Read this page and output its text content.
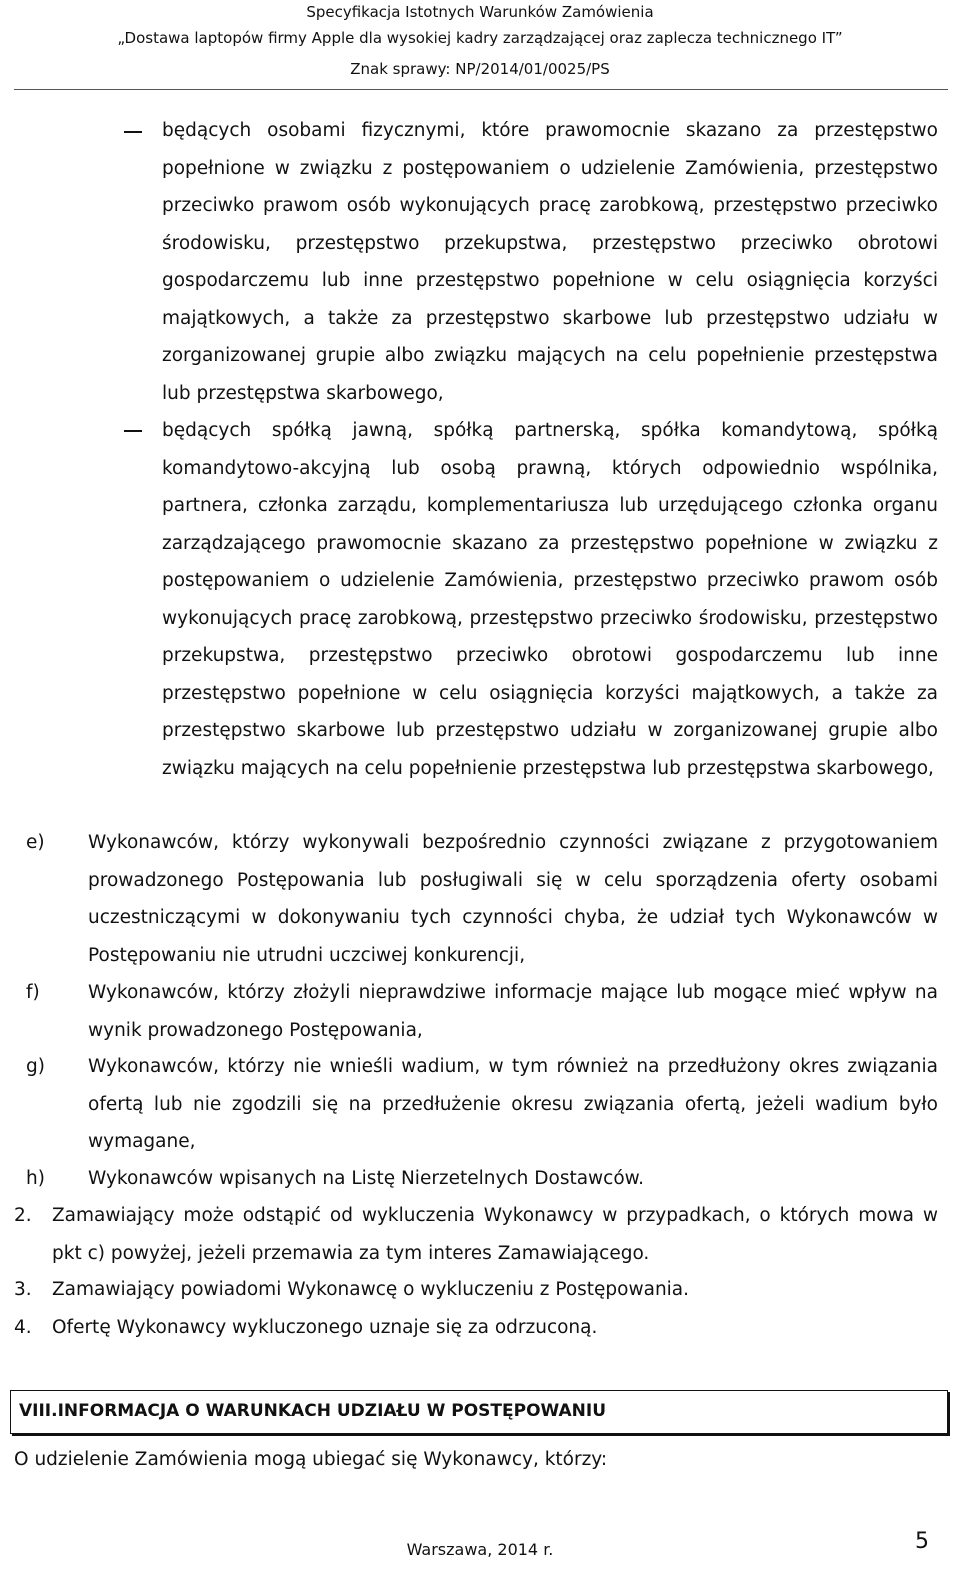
Specyfikacja Istotnych Warunków Zamówienia
„Dostawa laptopów firmy Apple dla wysokiej kadry zarządzającej oraz zaplecza technicznego IT”
Znak sprawy: NP/2014/01/0025/PS

będących osobami fizycznymi, które prawomocnie skazano za przestępstwo popełnione w związku z postępowaniem o udzielenie Zamówienia, przestępstwo przeciwko prawom osób wykonujących pracę zarobkową, przestępstwo przeciwko środowisku, przestępstwo przekupstwa, przestępstwo przeciwko obrotowi gospodarczemu lub inne przestępstwo popełnione w celu osiągnięcia korzyści majątkowych, a także za przestępstwo skarbowe lub przestępstwo udziału w zorganizowanej grupie albo związku mających na celu popełnienie przestępstwa lub przestępstwa skarbowego,

będących spółką jawną, spółką partnerską, spółka komandytową, spółką komandytowo-akcyjną lub osobą prawną, których odpowiednio wspólnika, partnera, członka zarządu, komplementariusza lub urzędującego członka organu zarządzającego prawomocnie skazano za przestępstwo popełnione w związku z postępowaniem o udzielenie Zamówienia, przestępstwo przeciwko prawom osób wykonujących pracę zarobkową, przestępstwo przeciwko środowisku, przestępstwo przekupstwa, przestępstwo przeciwko obrotowi gospodarczemu lub inne przestępstwo popełnione w celu osiągnięcia korzyści majątkowych, a także za przestępstwo skarbowe lub przestępstwo udziału w zorganizowanej grupie albo związku mających na celu popełnienie przestępstwa lub przestępstwa skarbowego,

e) Wykonawców, którzy wykonywali bezpośrednio czynności związane z przygotowaniem prowadzonego Postępowania lub posługiwali się w celu sporządzenia oferty osobami uczestniczącymi w dokonywaniu tych czynności chyba, że udział tych Wykonawców w Postępowaniu nie utrudni uczciwej konkurencji,

f)	Wykonawców, którzy złożyli nieprawdziwe informacje mające lub mogące mieć wpływ na wynik prowadzonego Postępowania,

g) Wykonawców, którzy nie wnieśli wadium, w tym również na przedłużony okres związania ofertą lub nie zgodzili się na przedłużenie okresu związania ofertą, jeżeli wadium było wymagane,

h) Wykonawców wpisanych na Listę Nierzetelnych Dostawców.

2. Zamawiający może odstąpić od wykluczenia Wykonawcy w przypadkach, o których mowa w pkt c) powyżej, jeżeli przemawia za tym interes Zamawiającego.

3. Zamawiający powiadomi Wykonawcę o wykluczeniu z Postępowania.

4. Ofertę Wykonawcy wykluczonego uznaje się za odrzuconą.

VIII.INFORMACJA O WARUNKACH UDZIAŁU W POSTĘPOWANIU

O udzielenie Zamówienia mogą ubiegać się Wykonawcy, którzy:

Warszawa, 2014 r.	5
